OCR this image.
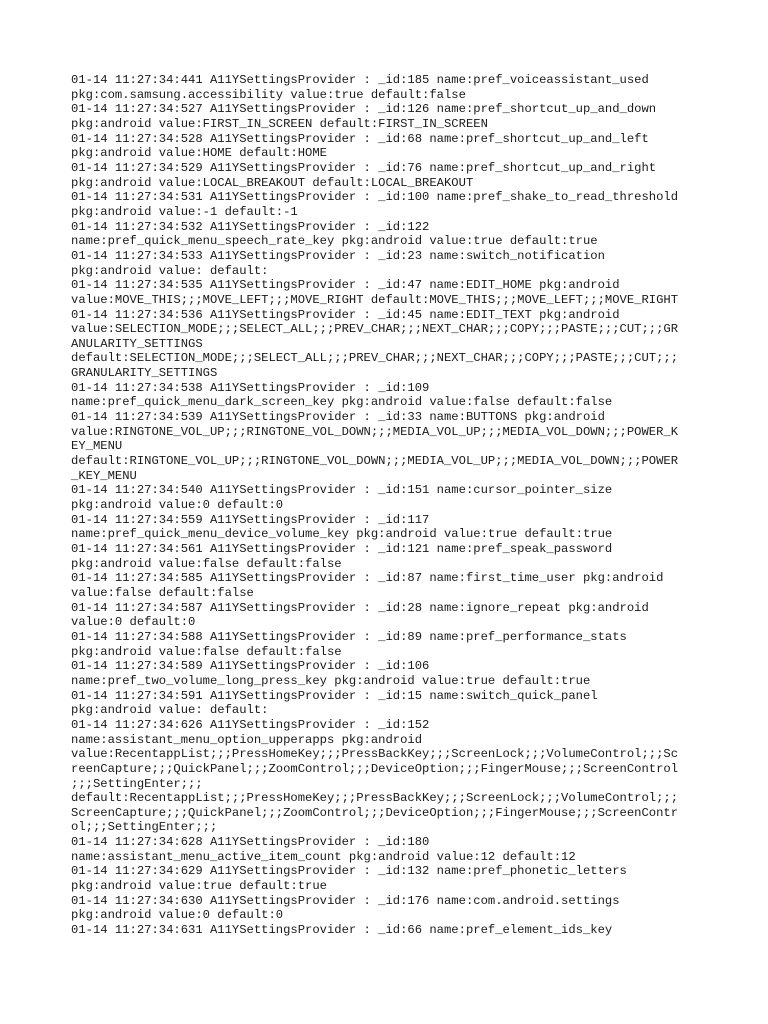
01-14 11:27:34:441 A11YSettingsProvider : _id:185 name:pref_voiceassistant_used
pkg:com.samsung.accessibility value:true default:false
01-14 11:27:34:527 A11YSettingsProvider : _id:126 name:pref_shortcut_up_and_down
pkg:android value:FIRST_IN_SCREEN default:FIRST_IN_SCREEN
01-14 11:27:34:528 A11YSettingsProvider : _id:68 name:pref_shortcut_up_and_left
pkg:android value:HOME default:HOME
01-14 11:27:34:529 A11YSettingsProvider : _id:76 name:pref_shortcut_up_and_right
pkg:android value:LOCAL_BREAKOUT default:LOCAL_BREAKOUT
01-14 11:27:34:531 A11YSettingsProvider : _id:100 name:pref_shake_to_read_threshold
pkg:android value:-1 default:-1
01-14 11:27:34:532 A11YSettingsProvider : _id:122
name:pref_quick_menu_speech_rate_key pkg:android value:true default:true
01-14 11:27:34:533 A11YSettingsProvider : _id:23 name:switch_notification
pkg:android value: default:
01-14 11:27:34:535 A11YSettingsProvider : _id:47 name:EDIT_HOME pkg:android
value:MOVE_THIS;;;MOVE_LEFT;;;MOVE_RIGHT default:MOVE_THIS;;;MOVE_LEFT;;;MOVE_RIGHT
01-14 11:27:34:536 A11YSettingsProvider : _id:45 name:EDIT_TEXT pkg:android
value:SELECTION_MODE;;;SELECT_ALL;;;PREV_CHAR;;;NEXT_CHAR;;;COPY;;;PASTE;;;CUT;;;GR
ANULARITY_SETTINGS
default:SELECTION_MODE;;;SELECT_ALL;;;PREV_CHAR;;;NEXT_CHAR;;;COPY;;;PASTE;;;CUT;;;
GRANULARITY_SETTINGS
01-14 11:27:34:538 A11YSettingsProvider : _id:109
name:pref_quick_menu_dark_screen_key pkg:android value:false default:false
01-14 11:27:34:539 A11YSettingsProvider : _id:33 name:BUTTONS pkg:android
value:RINGTONE_VOL_UP;;;RINGTONE_VOL_DOWN;;;MEDIA_VOL_UP;;;MEDIA_VOL_DOWN;;;POWER_K
EY_MENU
default:RINGTONE_VOL_UP;;;RINGTONE_VOL_DOWN;;;MEDIA_VOL_UP;;;MEDIA_VOL_DOWN;;;POWER
_KEY_MENU
01-14 11:27:34:540 A11YSettingsProvider : _id:151 name:cursor_pointer_size
pkg:android value:0 default:0
01-14 11:27:34:559 A11YSettingsProvider : _id:117
name:pref_quick_menu_device_volume_key pkg:android value:true default:true
01-14 11:27:34:561 A11YSettingsProvider : _id:121 name:pref_speak_password
pkg:android value:false default:false
01-14 11:27:34:585 A11YSettingsProvider : _id:87 name:first_time_user pkg:android
value:false default:false
01-14 11:27:34:587 A11YSettingsProvider : _id:28 name:ignore_repeat pkg:android
value:0 default:0
01-14 11:27:34:588 A11YSettingsProvider : _id:89 name:pref_performance_stats
pkg:android value:false default:false
01-14 11:27:34:589 A11YSettingsProvider : _id:106
name:pref_two_volume_long_press_key pkg:android value:true default:true
01-14 11:27:34:591 A11YSettingsProvider : _id:15 name:switch_quick_panel
pkg:android value: default:
01-14 11:27:34:626 A11YSettingsProvider : _id:152
name:assistant_menu_option_upperapps pkg:android
value:RecentappList;;;PressHomeKey;;;PressBackKey;;;ScreenLock;;;VolumeControl;;;Sc
reenCapture;;;QuickPanel;;;ZoomControl;;;DeviceOption;;;FingerMouse;;;ScreenControl
;;;SettingEnter;;;
default:RecentappList;;;PressHomeKey;;;PressBackKey;;;ScreenLock;;;VolumeControl;;;
ScreenCapture;;;QuickPanel;;;ZoomControl;;;DeviceOption;;;FingerMouse;;;ScreenContr
ol;;;SettingEnter;;;
01-14 11:27:34:628 A11YSettingsProvider : _id:180
name:assistant_menu_active_item_count pkg:android value:12 default:12
01-14 11:27:34:629 A11YSettingsProvider : _id:132 name:pref_phonetic_letters
pkg:android value:true default:true
01-14 11:27:34:630 A11YSettingsProvider : _id:176 name:com.android.settings
pkg:android value:0 default:0
01-14 11:27:34:631 A11YSettingsProvider : _id:66 name:pref_element_ids_key
